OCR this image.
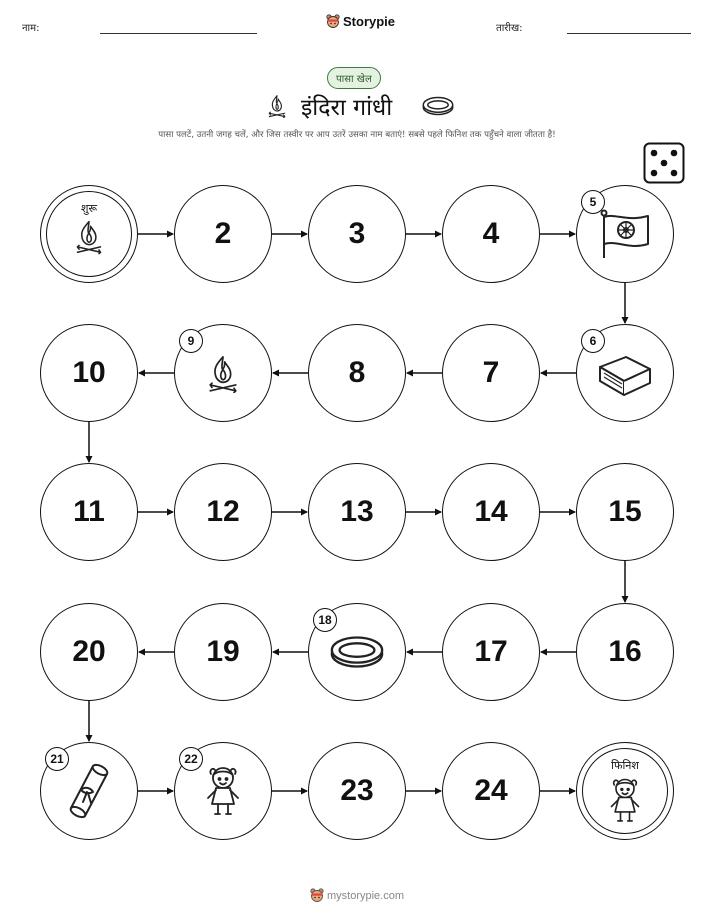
नाम:	Storypie	तारीख:
पासा खेल
इंदिरा गांधी
पासा पलटें, उतनी जगह चलें, और जिस तस्वीर पर आप उतरें उसका नाम बताएं! सबसे पहले फिनिश तक पहुँचने वाला जीतता है!
शुरू
2	3	4
5
6
7
8
9
10
11	12	13	14	15
16
17
18
19
20
21	22
23	24
फिनिश
mystorypie.com
